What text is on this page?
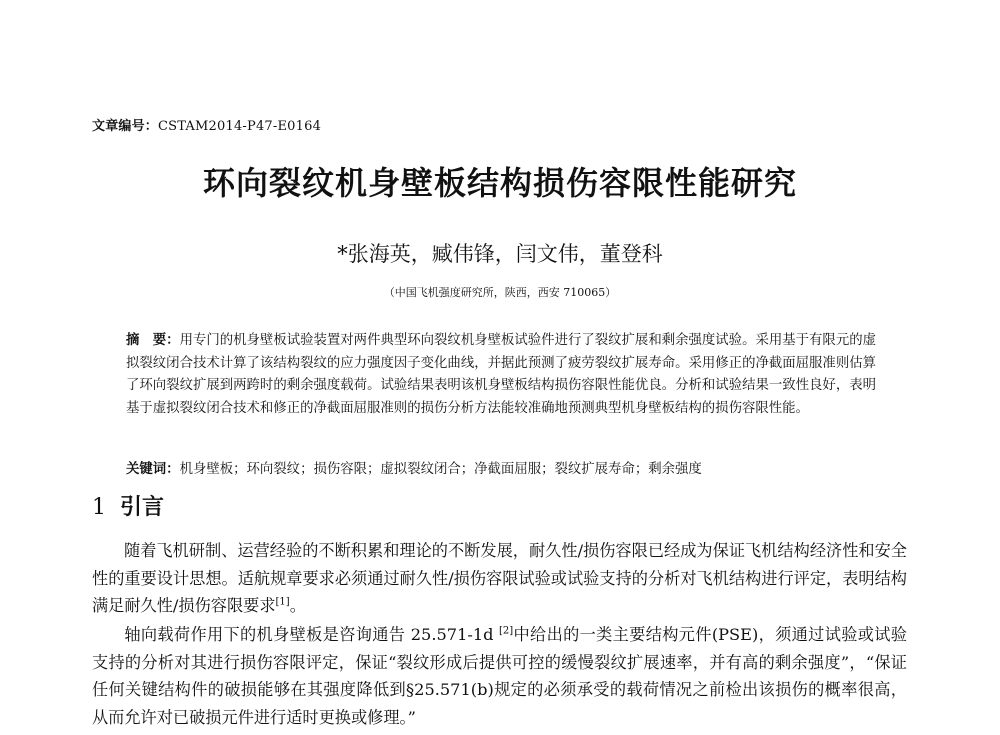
文章编号：CSTAM2014-P47-E0164
环向裂纹机身壁板结构损伤容限性能研究
*张海英，臧伟锋，闫文伟，董登科
（中国飞机强度研究所，陕西，西安 710065）
摘　要：用专门的机身壁板试验装置对两件典型环向裂纹机身壁板试验件进行了裂纹扩展和剩余强度试验。采用基于有限元的虚拟裂纹闭合技术计算了该结构裂纹的应力强度因子变化曲线，并据此预测了疲劳裂纹扩展寿命。采用修正的净截面屈服准则估算了环向裂纹扩展到两跨时的剩余强度载荷。试验结果表明该机身壁板结构损伤容限性能优良。分析和试验结果一致性良好，表明基于虚拟裂纹闭合技术和修正的净截面屈服准则的损伤分析方法能较准确地预测典型机身壁板结构的损伤容限性能。
关键词：机身壁板；环向裂纹；损伤容限；虚拟裂纹闭合；净截面屈服；裂纹扩展寿命；剩余强度
1 引言
随着飞机研制、运营经验的不断积累和理论的不断发展，耐久性/损伤容限已经成为保证飞机结构经济性和安全性的重要设计思想。适航规章要求必须通过耐久性/损伤容限试验或试验支持的分析对飞机结构进行评定，表明结构满足耐久性/损伤容限要求[1]。
轴向载荷作用下的机身壁板是咨询通告 25.571-1d [2]中给出的一类主要结构元件(PSE)，须通过试验或试验支持的分析对其进行损伤容限评定，保证“裂纹形成后提供可控的缓慢裂纹扩展速率，并有高的剩余强度”，“保证任何关键结构件的破损能够在其强度降低到§25.571(b)规定的必须承受的载荷情况之前检出该损伤的概率很高，从而允许对已破损元件进行适时更换或修理。”
